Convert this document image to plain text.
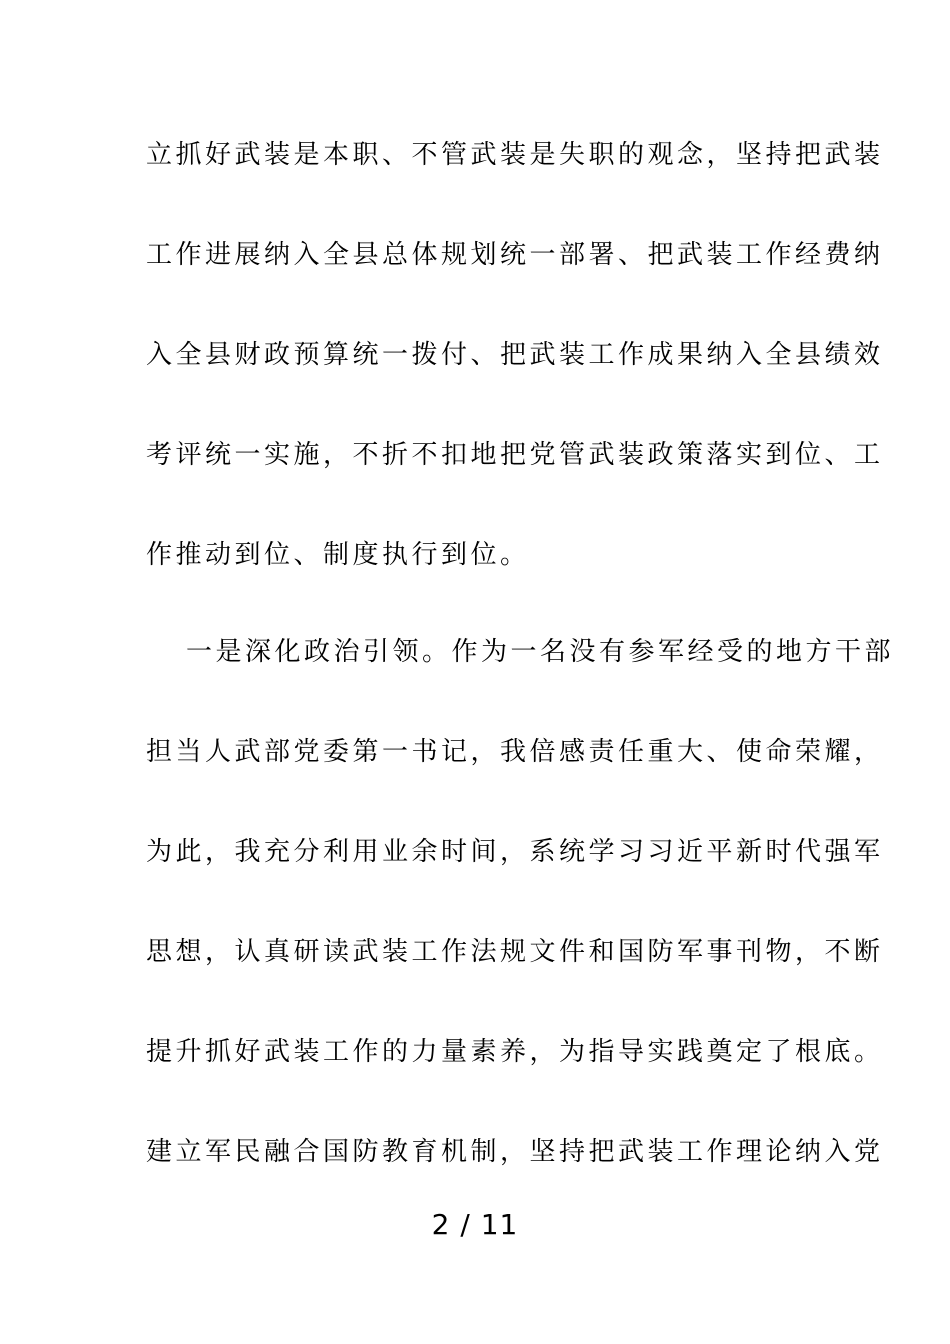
立抓好武装是本职、不管武装是失职的观念，坚持把武装
工作进展纳入全县总体规划统一部署、把武装工作经费纳
入全县财政预算统一拨付、把武装工作成果纳入全县绩效
考评统一实施，不折不扣地把党管武装政策落实到位、工
作推动到位、制度执行到位。
一是深化政治引领。作为一名没有参军经受的地方干部
担当人武部党委第一书记，我倍感责任重大、使命荣耀，
为此，我充分利用业余时间，系统学习习近平新时代强军
思想，认真研读武装工作法规文件和国防军事刊物，不断
提升抓好武装工作的力量素养，为指导实践奠定了根底。
建立军民融合国防教育机制，坚持把武装工作理论纳入党
2 / 11
